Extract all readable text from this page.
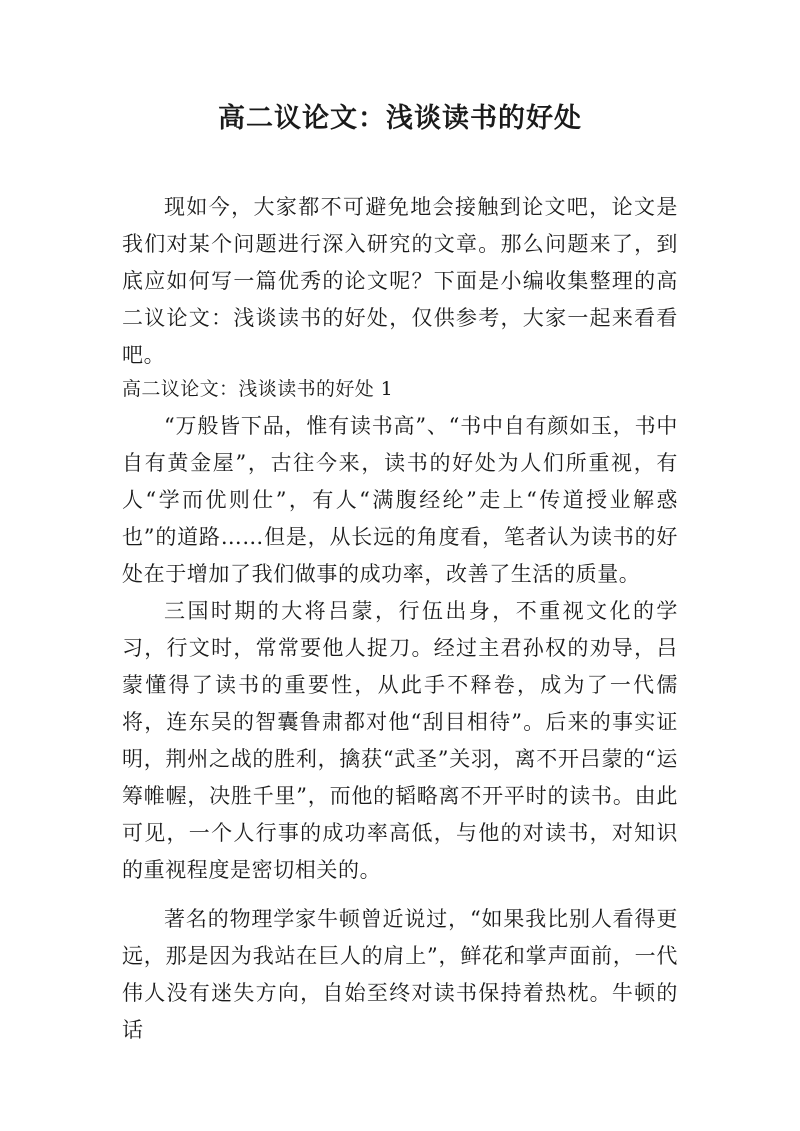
高二议论文：浅谈读书的好处

现如今，大家都不可避免地会接触到论文吧，论文是我们对某个问题进行深入研究的文章。那么问题来了，到底应如何写一篇优秀的论文呢？下面是小编收集整理的高二议论文：浅谈读书的好处，仅供参考，大家一起来看看吧。

高二议论文：浅谈读书的好处 1

“万般皆下品，惟有读书高”、“书中自有颜如玉，书中自有黄金屋”，古往今来，读书的好处为人们所重视，有人“学而优则仕”，有人“满腹经纶”走上“传道授业解惑也”的道路……但是，从长远的角度看，笔者认为读书的好处在于增加了我们做事的成功率，改善了生活的质量。

三国时期的大将吕蒙，行伍出身，不重视文化的学习，行文时，常常要他人捉刀。经过主君孙权的劝导，吕蒙懂得了读书的重要性，从此手不释卷，成为了一代儒将，连东吴的智囊鲁肃都对他“刮目相待”。后来的事实证明，荆州之战的胜利，擒获“武圣”关羽，离不开吕蒙的“运筹帷幄，决胜千里”，而他的韬略离不开平时的读书。由此可见，一个人行事的成功率高低，与他的对读书，对知识的重视程度是密切相关的。

著名的物理学家牛顿曾近说过，“如果我比别人看得更远，那是因为我站在巨人的肩上”，鲜花和掌声面前，一代伟人没有迷失方向，自始至终对读书保持着热枕。牛顿的话
